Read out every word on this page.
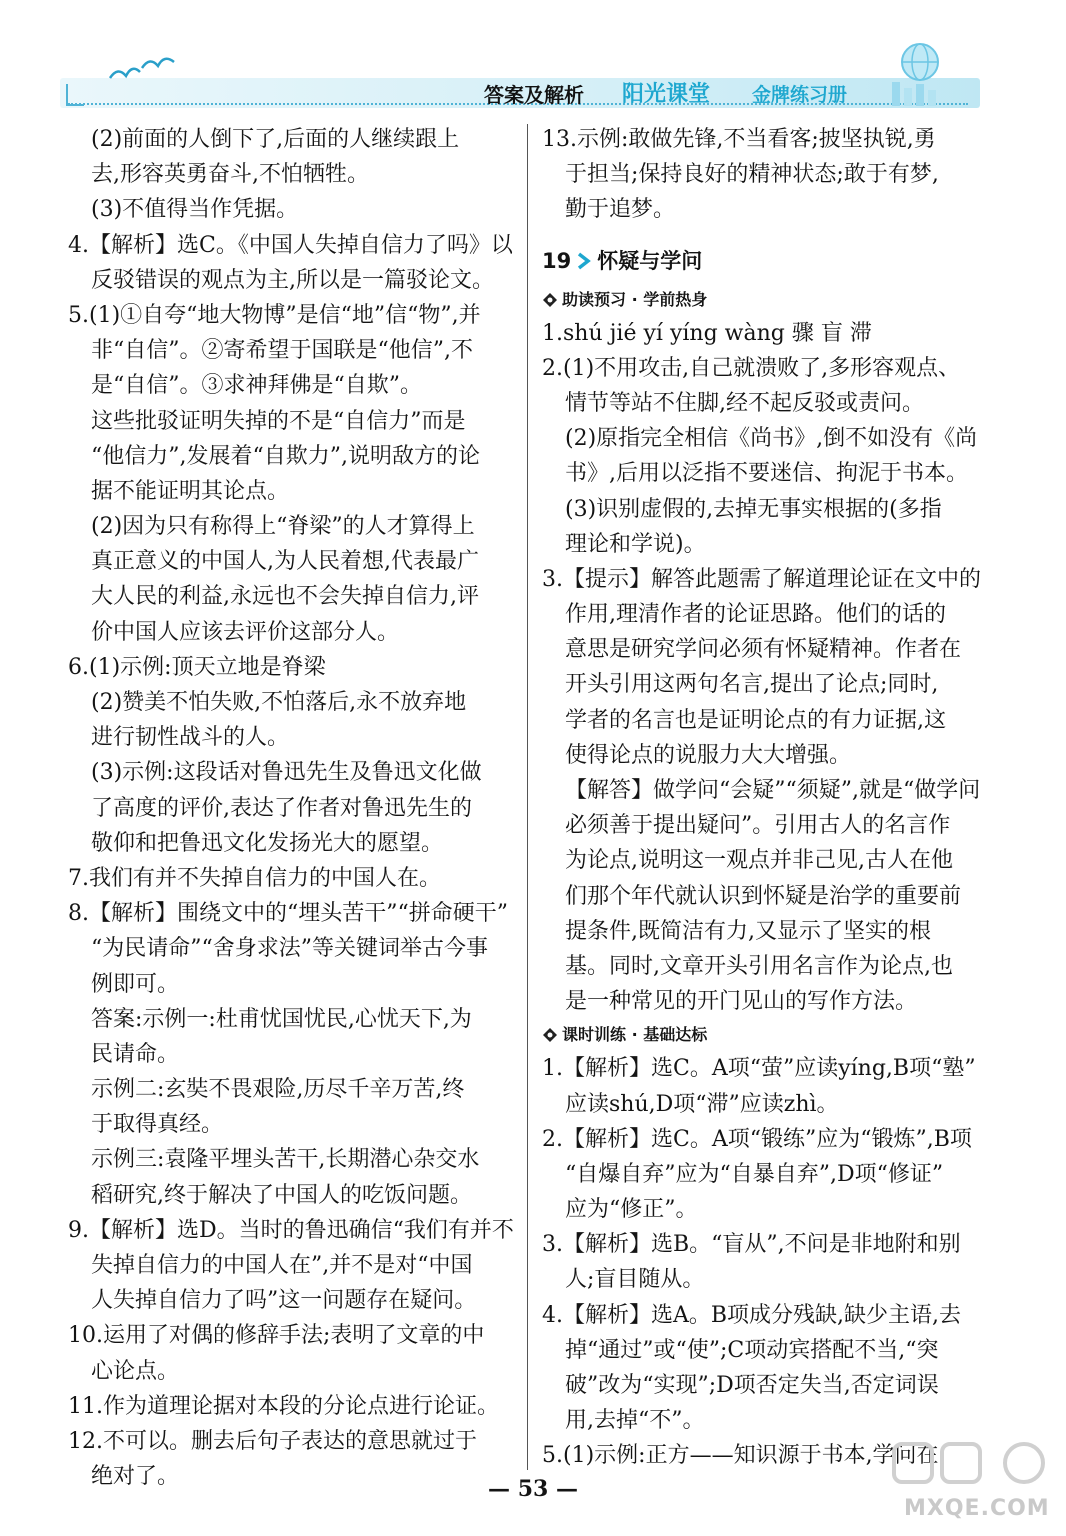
答案及解析 阳光课堂 金牌练习册
(2)前面的人倒下了,后面的人继续跟上
去,形容英勇奋斗,不怕牺牲。
(3)不值得当作凭据。
4.【解析】选C。《中国人失掉自信力了吗》以
反驳错误的观点为主,所以是一篇驳论文。
5.(1)①自夸“地大物博”是信“地”信“物”,并
非“自信”。②寄希望于国联是“他信”,不
是“自信”。③求神拜佛是“自欺”。
这些批驳证明失掉的不是“自信力”而是
“他信力”,发展着“自欺力”,说明敌方的论
据不能证明其论点。
(2)因为只有称得上“脊梁”的人才算得上
真正意义的中国人,为人民着想,代表最广
大人民的利益,永远也不会失掉自信力,评
价中国人应该去评价这部分人。
6.(1)示例:顶天立地是脊梁
(2)赞美不怕失败,不怕落后,永不放弃地
进行韧性战斗的人。
(3)示例:这段话对鲁迅先生及鲁迅文化做
了高度的评价,表达了作者对鲁迅先生的
敬仰和把鲁迅文化发扬光大的愿望。
7.我们有并不失掉自信力的中国人在。
8.【解析】围绕文中的“埋头苦干”“拼命硬干”
“为民请命”“舍身求法”等关键词举古今事
例即可。
答案:示例一:杜甫忧国忧民,心忧天下,为
民请命。
示例二:玄奘不畏艰险,历尽千辛万苦,终
于取得真经。
示例三:袁隆平埋头苦干,长期潜心杂交水
稻研究,终于解决了中国人的吃饭问题。
9.【解析】选D。当时的鲁迅确信“我们有并不
失掉自信力的中国人在”,并不是对“中国
人失掉自信力了吗”这一问题存在疑问。
10.运用了对偶的修辞手法;表明了文章的中
心论点。
11.作为道理论据对本段的分论点进行论证。
12.不可以。删去后句子表达的意思就过于
绝对了。
13.示例:敢做先锋,不当看客;披坚执锐,勇
于担当;保持良好的精神状态;敢于有梦,
勤于追梦。
19 怀疑与学问
助读预习 · 学前热身
1.shú jié yí yíng wàng 骤 盲 滞
2.(1)不用攻击,自己就溃败了,多形容观点、
情节等站不住脚,经不起反驳或责问。
(2)原指完全相信《尚书》,倒不如没有《尚
书》,后用以泛指不要迷信、拘泥于书本。
(3)识别虚假的,去掉无事实根据的(多指
理论和学说)。
3.【提示】解答此题需了解道理论证在文中的
作用,理清作者的论证思路。他们的话的
意思是研究学问必须有怀疑精神。作者在
开头引用这两句名言,提出了论点;同时,
学者的名言也是证明论点的有力证据,这
使得论点的说服力大大增强。
【解答】做学问“会疑”“须疑”,就是“做学问
必须善于提出疑问”。引用古人的名言作
为论点,说明这一观点并非己见,古人在他
们那个年代就认识到怀疑是治学的重要前
提条件,既简洁有力,又显示了坚实的根
基。同时,文章开头引用名言作为论点,也
是一种常见的开门见山的写作方法。
课时训练 · 基础达标
1.【解析】选C。A项“萤”应读yíng,B项“塾”
应读shú,D项“滞”应读zhì。
2.【解析】选C。A项“锻练”应为“锻炼”,B项
“自爆自弃”应为“自暴自弃”,D项“修证”
应为“修正”。
3.【解析】选B。“盲从”,不问是非地附和别
人;盲目随从。
4.【解析】选A。B项成分残缺,缺少主语,去
掉“通过”或“使”;C项动宾搭配不当,“突
破”改为“实现”;D项否定失当,否定词误
用,去掉“不”。
5.(1)示例:正方——知识源于书本,学问在
— 53 —
MXQE.COM
